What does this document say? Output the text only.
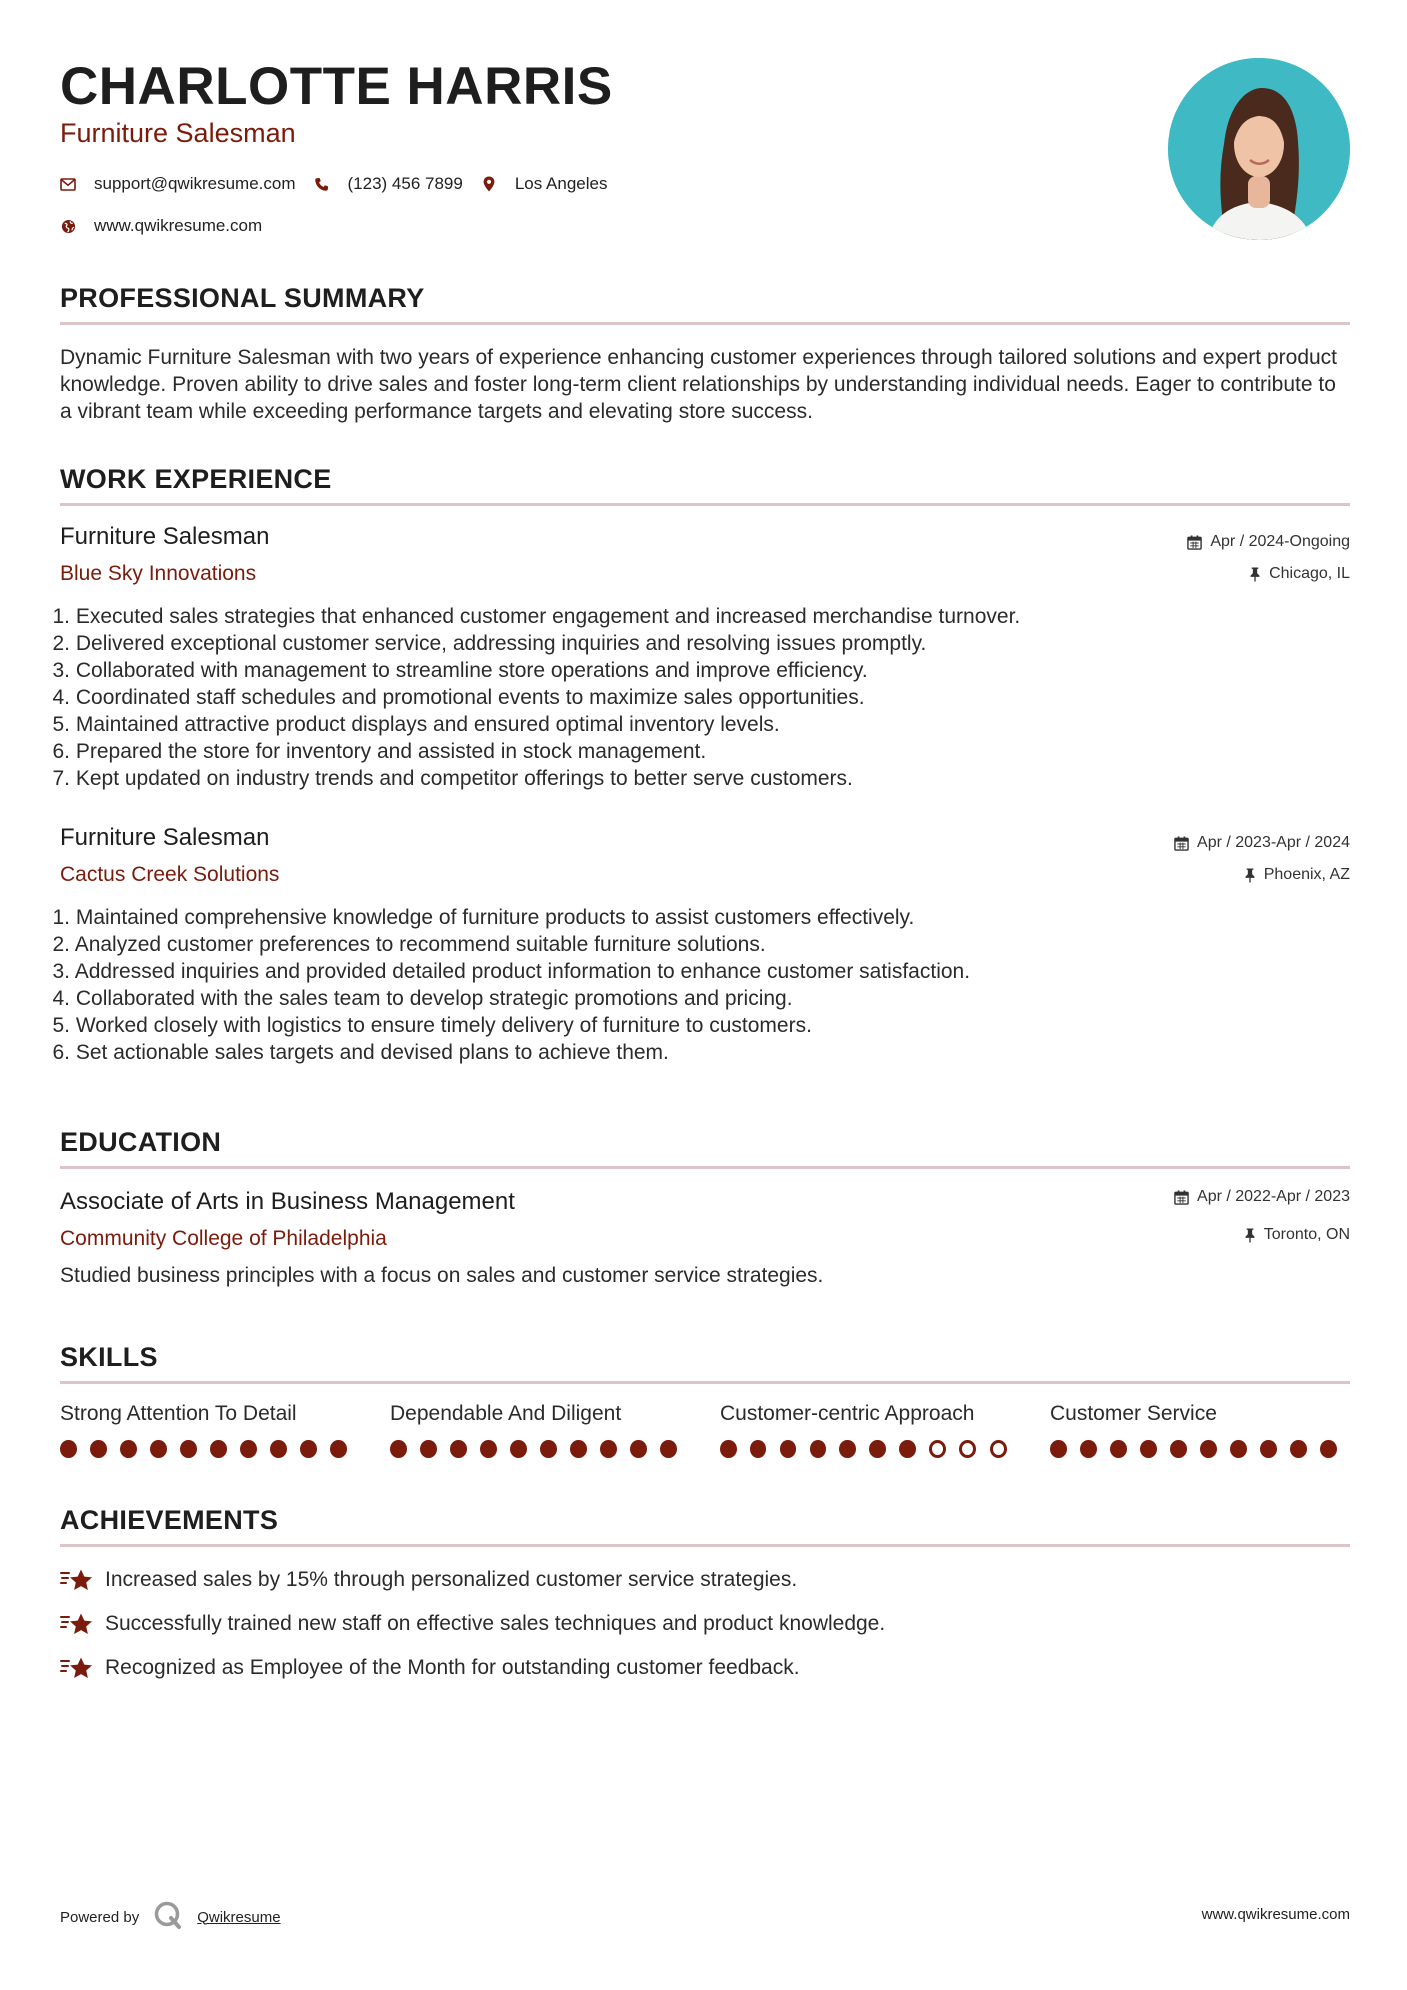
CHARLOTTE HARRIS
Furniture Salesman
support@qwikresume.com	(123) 456 7899	Los Angeles
www.qwikresume.com
PROFESSIONAL SUMMARY
Dynamic Furniture Salesman with two years of experience enhancing customer experiences through tailored solutions and expert product knowledge. Proven ability to drive sales and foster long-term client relationships by understanding individual needs. Eager to contribute to a vibrant team while exceeding performance targets and elevating store success.
WORK EXPERIENCE
Furniture Salesman
Blue Sky Innovations
Apr / 2024-Ongoing
Chicago, IL
1. Executed sales strategies that enhanced customer engagement and increased merchandise turnover.
2. Delivered exceptional customer service, addressing inquiries and resolving issues promptly.
3. Collaborated with management to streamline store operations and improve efficiency.
4. Coordinated staff schedules and promotional events to maximize sales opportunities.
5. Maintained attractive product displays and ensured optimal inventory levels.
6. Prepared the store for inventory and assisted in stock management.
7. Kept updated on industry trends and competitor offerings to better serve customers.
Furniture Salesman
Cactus Creek Solutions
Apr / 2023-Apr / 2024
Phoenix, AZ
1. Maintained comprehensive knowledge of furniture products to assist customers effectively.
2. Analyzed customer preferences to recommend suitable furniture solutions.
3. Addressed inquiries and provided detailed product information to enhance customer satisfaction.
4. Collaborated with the sales team to develop strategic promotions and pricing.
5. Worked closely with logistics to ensure timely delivery of furniture to customers.
6. Set actionable sales targets and devised plans to achieve them.
EDUCATION
Associate of Arts in Business Management
Community College of Philadelphia
Apr / 2022-Apr / 2023
Toronto, ON
Studied business principles with a focus on sales and customer service strategies.
SKILLS
Strong Attention To Detail	Dependable And Diligent	Customer-centric Approach	Customer Service
ACHIEVEMENTS
Increased sales by 15% through personalized customer service strategies.
Successfully trained new staff on effective sales techniques and product knowledge.
Recognized as Employee of the Month for outstanding customer feedback.
Powered by	Qwikresume	www.qwikresume.com
